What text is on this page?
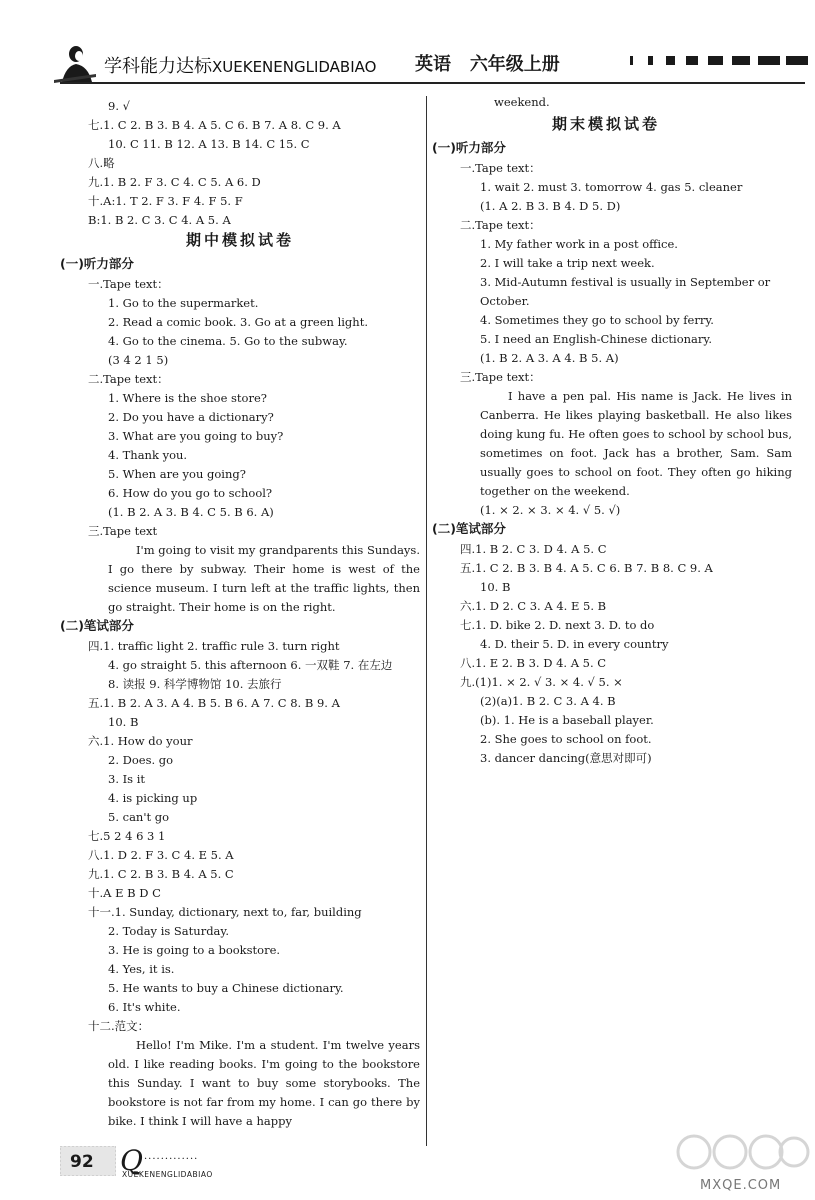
学科能力达标XUEKENENGLIDABIAO 英语 六年级上册
9. √
七.1. C 2. B 3. B 4. A 5. C 6. B 7. A 8. C 9. A
10. C 11. B 12. A 13. B 14. C 15. C
八.略
九.1. B 2. F 3. C 4. C 5. A 6. D
十.A:1. T 2. F 3. F 4. F 5. F
B:1. B 2. C 3. C 4. A 5. A
期中模拟试卷
(一)听力部分
一.Tape text：
1. Go to the supermarket.
2. Read a comic book. 3. Go at a green light.
4. Go to the cinema. 5. Go to the subway.
(3 4 2 1 5)
二.Tape text：
1. Where is the shoe store?
2. Do you have a dictionary?
3. What are you going to buy?
4. Thank you.
5. When are you going?
6. How do you go to school?
(1. B 2. A 3. B 4. C 5. B 6. A)
三.Tape text
I'm going to visit my grandparents this Sundays. I go there by subway. Their home is west of the science museum. I turn left at the traffic lights, then go straight. Their home is on the right.
(二)笔试部分
四.1. traffic light 2. traffic rule 3. turn right
4. go straight 5. this afternoon 6. 一双鞋 7. 在左边
8. 读报 9. 科学博物馆 10. 去旅行
五.1. B 2. A 3. A 4. B 5. B 6. A 7. C 8. B 9. A
10. B
六.1. How do your
2. Does. go
3. Is it
4. is picking up
5. can't go
七.5 2 4 6 3 1
八.1. D 2. F 3. C 4. E 5. A
九.1. C 2. B 3. B 4. A 5. C
十.A E B D C
十一.1. Sunday, dictionary, next to, far, building
2. Today is Saturday.
3. He is going to a bookstore.
4. Yes, it is.
5. He wants to buy a Chinese dictionary.
6. It's white.
十二.范文：
Hello! I'm Mike. I'm a student. I'm twelve years old. I like reading books. I'm going to the bookstore this Sunday. I want to buy some storybooks. The bookstore is not far from my home. I can go there by bike. I think I will have a happy
weekend.
期末模拟试卷
(一)听力部分
一.Tape text：
1. wait 2. must 3. tomorrow 4. gas 5. cleaner
(1. A 2. B 3. B 4. D 5. D)
二.Tape text：
1. My father work in a post office.
2. I will take a trip next week.
3. Mid-Autumn festival is usually in September or
October.
4. Sometimes they go to school by ferry.
5. I need an English-Chinese dictionary.
(1. B 2. A 3. A 4. B 5. A)
三.Tape text：
I have a pen pal. His name is Jack. He lives in Canberra. He likes playing basketball. He also likes doing kung fu. He often goes to school by school bus, sometimes on foot. Jack has a brother, Sam. Sam usually goes to school on foot. They often go hiking together on the weekend.
(1. × 2. × 3. × 4. √ 5. √)
(二)笔试部分
四.1. B 2. C 3. D 4. A 5. C
五.1. C 2. B 3. B 4. A 5. C 6. B 7. B 8. C 9. A
10. B
六.1. D 2. C 3. A 4. E 5. B
七.1. D. bike 2. D. next 3. D. to do
4. D. their 5. D. in every country
八.1. E 2. B 3. D 4. A 5. C
九.(1)1. × 2. √ 3. × 4. √ 5. ×
(2)(a)1. B 2. C 3. A 4. B
(b). 1. He is a baseball player.
2. She goes to school on foot.
3. dancer dancing(意思对即可)
92 Q ·············
XUEKENENGLIDABIAO
MXQE.COM
